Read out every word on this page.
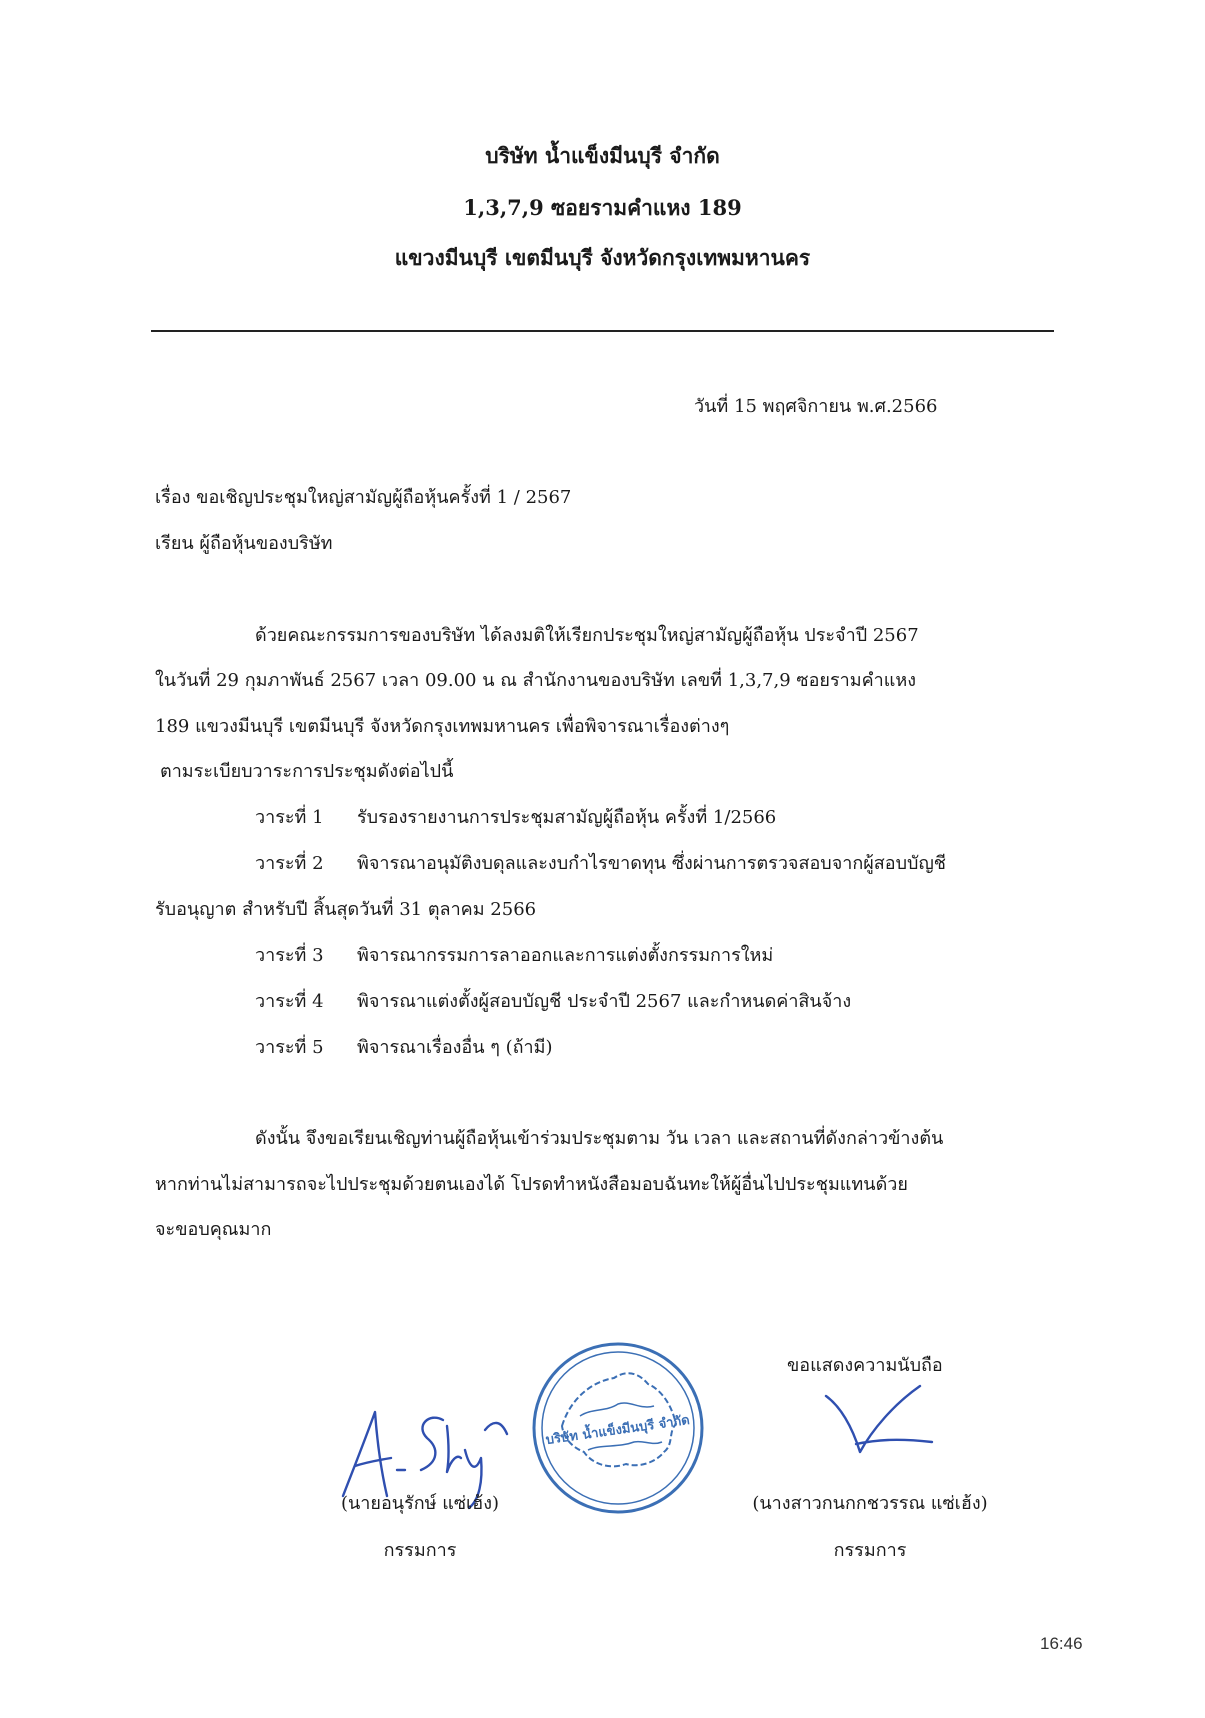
บริษัท น้ำแข็งมีนบุรี จำกัด
1,3,7,9 ซอยรามคำแหง 189
แขวงมีนบุรี เขตมีนบุรี จังหวัดกรุงเทพมหานคร
วันที่ 15 พฤศจิกายน พ.ศ.2566
เรื่อง ขอเชิญประชุมใหญ่สามัญผู้ถือหุ้นครั้งที่ 1 / 2567
เรียน ผู้ถือหุ้นของบริษัท
ด้วยคณะกรรมการของบริษัท ได้ลงมติให้เรียกประชุมใหญ่สามัญผู้ถือหุ้น ประจำปี 2567
ในวันที่ 29 กุมภาพันธ์ 2567 เวลา 09.00 น ณ สำนักงานของบริษัท เลขที่ 1,3,7,9 ซอยรามคำแหง
189 แขวงมีนบุรี เขตมีนบุรี จังหวัดกรุงเทพมหานคร เพื่อพิจารณาเรื่องต่างๆ
ตามระเบียบวาระการประชุมดังต่อไปนี้
วาระที่ 1 รับรองรายงานการประชุมสามัญผู้ถือหุ้น ครั้งที่ 1/2566
วาระที่ 2 พิจารณาอนุมัติงบดุลและงบกำไรขาดทุน ซึ่งผ่านการตรวจสอบจากผู้สอบบัญชี
รับอนุญาต สำหรับปี สิ้นสุดวันที่ 31 ตุลาคม 2566
วาระที่ 3 พิจารณากรรมการลาออกและการแต่งตั้งกรรมการใหม่
วาระที่ 4 พิจารณาแต่งตั้งผู้สอบบัญชี ประจำปี 2567 และกำหนดค่าสินจ้าง
วาระที่ 5 พิจารณาเรื่องอื่น ๆ (ถ้ามี)
ดังนั้น จึงขอเรียนเชิญท่านผู้ถือหุ้นเข้าร่วมประชุมตาม วัน เวลา และสถานที่ดังกล่าวข้างต้น
หากท่านไม่สามารถจะไปประชุมด้วยตนเองได้ โปรดทำหนังสือมอบฉันทะให้ผู้อื่นไปประชุมแทนด้วย
จะขอบคุณมาก
ขอแสดงความนับถือ
บริษัท น้ำแข็งมีนบุรี จำกัด
(นายอนุรักษ์ แซ่เฮ้ง)
กรรมการ
(นางสาวกนกกชวรรณ แซ่เฮ้ง)
กรรมการ
16:46
